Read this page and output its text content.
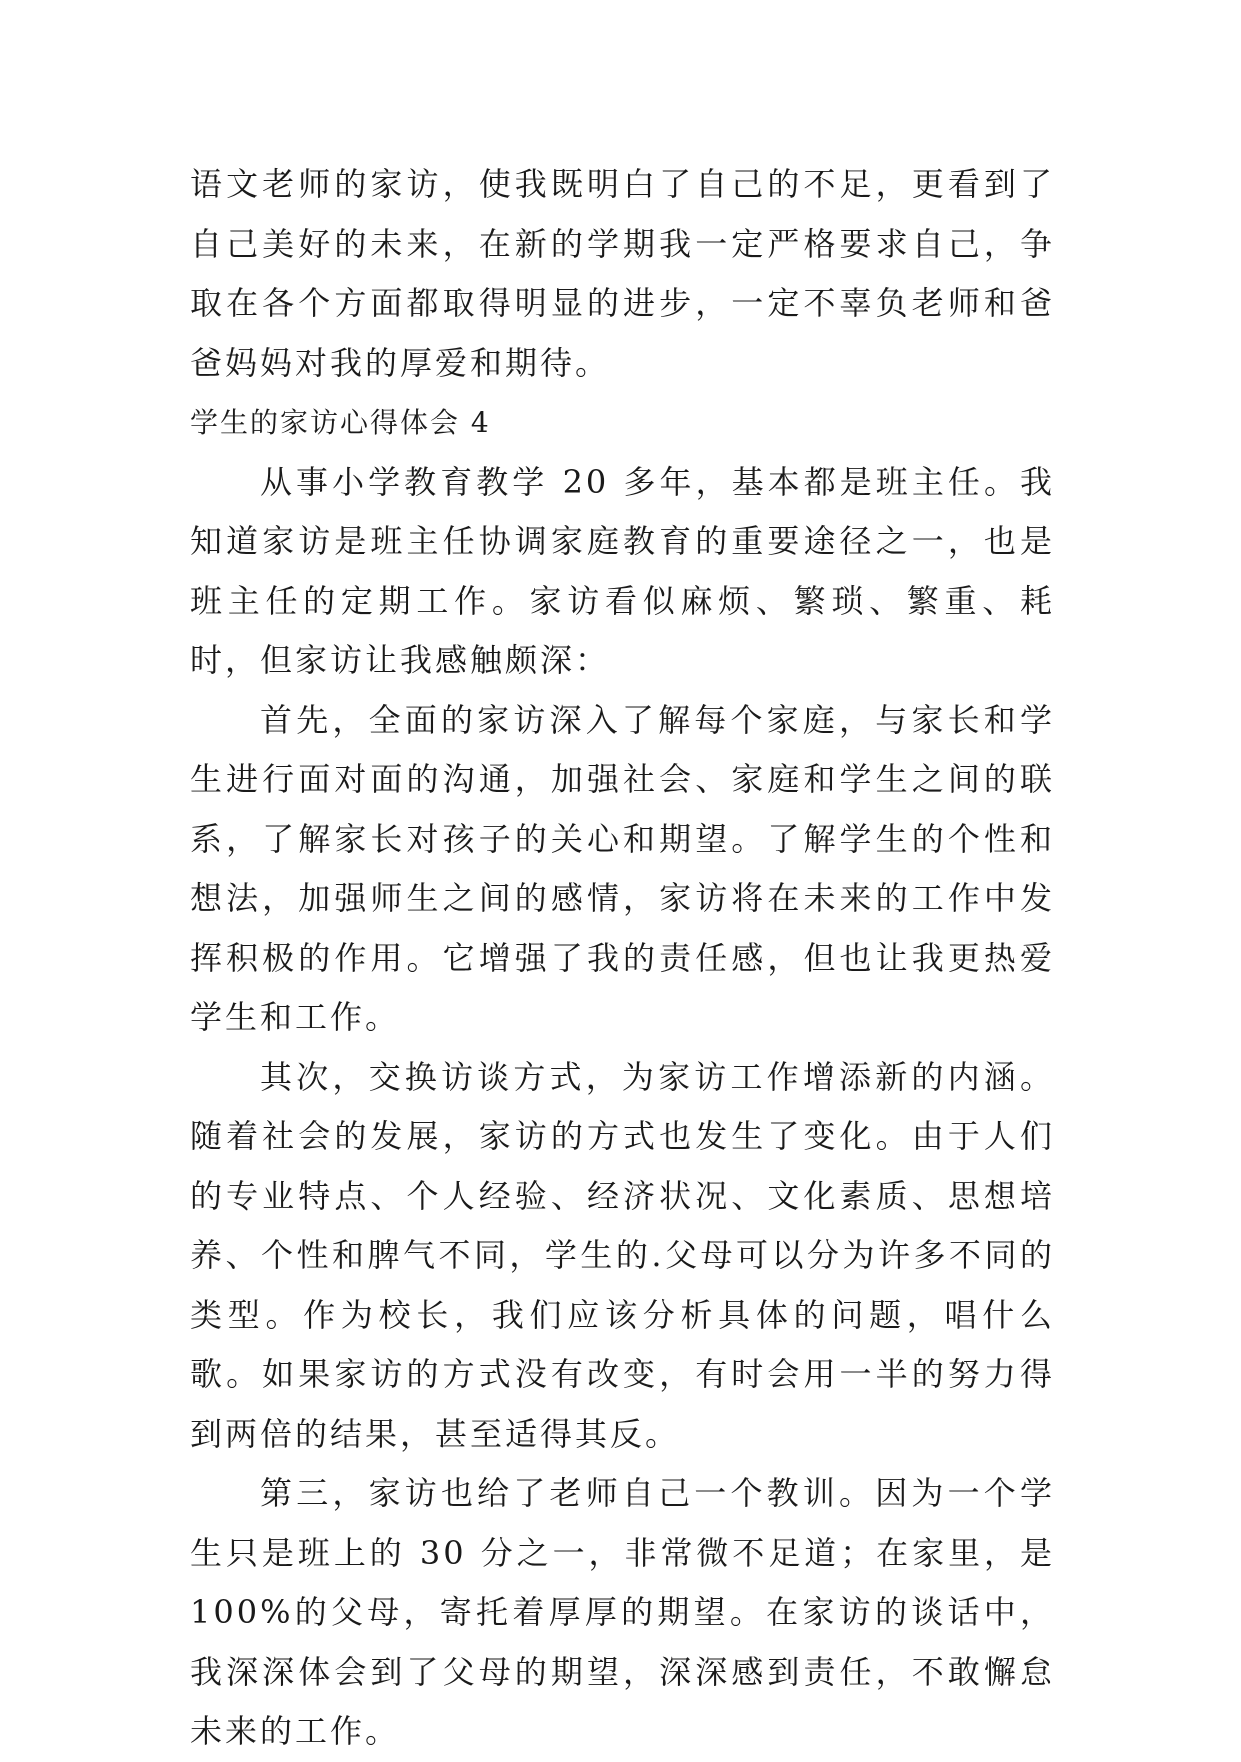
语文老师的家访，使我既明白了自己的不足，更看到了自己美好的未来，在新的学期我一定严格要求自己，争取在各个方面都取得明显的进步，一定不辜负老师和爸爸妈妈对我的厚爱和期待。

学生的家访心得体会 4

从事小学教育教学 20 多年，基本都是班主任。我知道家访是班主任协调家庭教育的重要途径之一，也是班主任的定期工作。家访看似麻烦、繁琐、繁重、耗时，但家访让我感触颇深：

首先，全面的家访深入了解每个家庭，与家长和学生进行面对面的沟通，加强社会、家庭和学生之间的联系，了解家长对孩子的关心和期望。了解学生的个性和想法，加强师生之间的感情，家访将在未来的工作中发挥积极的作用。它增强了我的责任感，但也让我更热爱学生和工作。

其次，交换访谈方式，为家访工作增添新的内涵。随着社会的发展，家访的方式也发生了变化。由于人们的专业特点、个人经验、经济状况、文化素质、思想培养、个性和脾气不同，学生的.父母可以分为许多不同的类型。作为校长，我们应该分析具体的问题，唱什么歌。如果家访的方式没有改变，有时会用一半的努力得到两倍的结果，甚至适得其反。

第三，家访也给了老师自己一个教训。因为一个学生只是班上的 30 分之一，非常微不足道；在家里，是 100%的父母，寄托着厚厚的期望。在家访的谈话中，我深深体会到了父母的期望，深深感到责任，不敢懈怠未来的工作。
